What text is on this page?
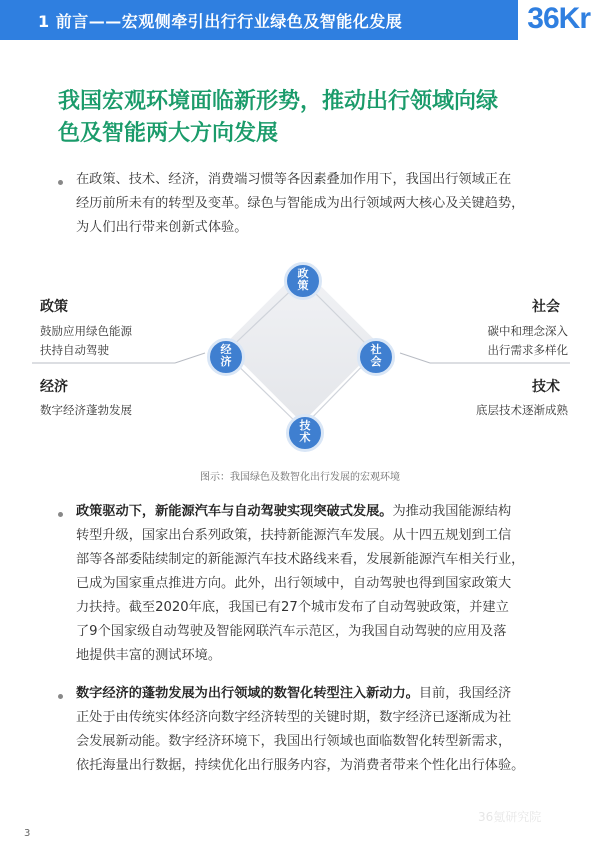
1 前言——宏观侧牵引出行行业绿色及智能化发展	36Kr
我国宏观环境面临新形势，推动出行领域向绿
色及智能两大方向发展
在政策、技术、经济，消费端习惯等各因素叠加作用下，我国出行领域正在
经历前所未有的转型及变革。绿色与智能成为出行领域两大核心及关键趋势，
为人们出行带来创新式体验。
政策
经济
社会
技术
政策
鼓励应用绿色能源
扶持自动驾驶
经济
数字经济蓬勃发展
社会
碳中和理念深入
出行需求多样化
技术
底层技术逐渐成熟
图示：我国绿色及数智化出行发展的宏观环境
政策驱动下，新能源汽车与自动驾驶实现突破式发展。为推动我国能源结构
转型升级，国家出台系列政策，扶持新能源汽车发展。从十四五规划到工信
部等各部委陆续制定的新能源汽车技术路线来看，发展新能源汽车相关行业，
已成为国家重点推进方向。此外，出行领域中，自动驾驶也得到国家政策大
力扶持。截至2020年底，我国已有27个城市发布了自动驾驶政策，并建立
了9个国家级自动驾驶及智能网联汽车示范区，为我国自动驾驶的应用及落
地提供丰富的测试环境。
数字经济的蓬勃发展为出行领域的数智化转型注入新动力。目前，我国经济
正处于由传统实体经济向数字经济转型的关键时期，数字经济已逐渐成为社
会发展新动能。数字经济环境下，我国出行领域也面临数智化转型新需求，
依托海量出行数据，持续优化出行服务内容，为消费者带来个性化出行体验。
36氪研究院
3
